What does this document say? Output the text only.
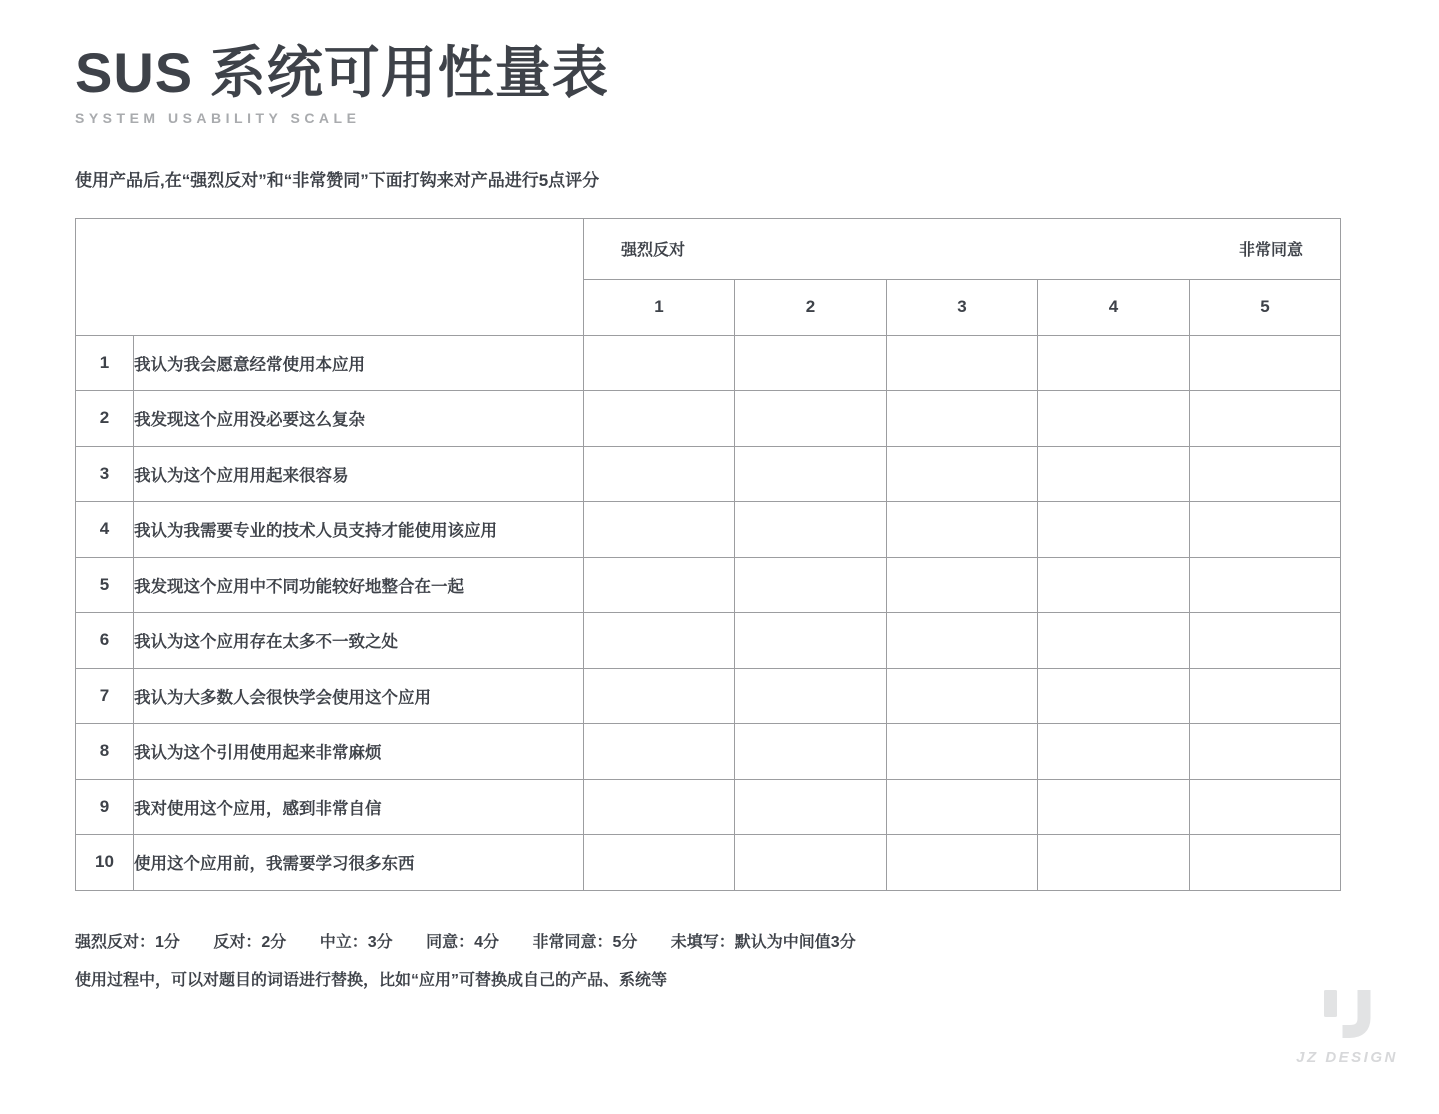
SUS 系统可用性量表
SYSTEM USABILITY SCALE

使用产品后,在“强烈反对”和“非常赞同”下面打钩来对产品进行5点评分

		强烈反对 非常同意				

		1	2	3	4	5
1	我认为我会愿意经常使用本应用					
2	我发现这个应用没必要这么复杂					
3	我认为这个应用用起来很容易					
4	我认为我需要专业的技术人员支持才能使用该应用					
5	我发现这个应用中不同功能较好地整合在一起					
6	我认为这个应用存在太多不一致之处					
7	我认为大多数人会很快学会使用这个应用					
8	我认为这个引用使用起来非常麻烦					
9	我对使用这个应用，感到非常自信					
10	使用这个应用前，我需要学习很多东西					

强烈反对：1分 反对：2分 中立：3分 同意：4分 非常同意：5分 未填写：默认为中间值3分

使用过程中，可以对题目的词语进行替换，比如“应用”可替换成自己的产品、系统等

JZ DESIGN
